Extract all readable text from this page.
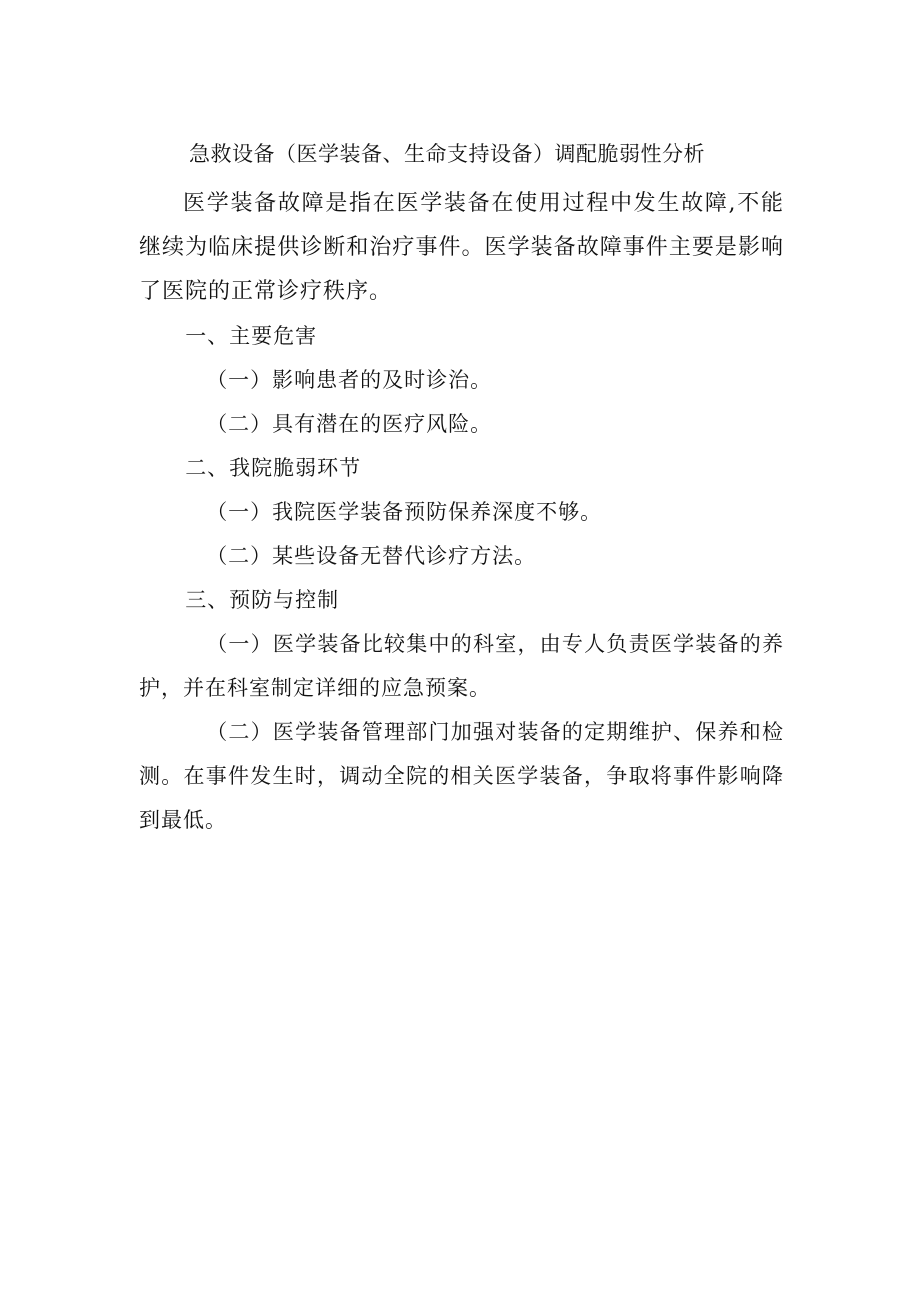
急救设备（医学装备、生命支持设备）调配脆弱性分析

医学装备故障是指在医学装备在使用过程中发生故障,不能继续为临床提供诊断和治疗事件。医学装备故障事件主要是影响了医院的正常诊疗秩序。

一、主要危害

（一）影响患者的及时诊治。

（二）具有潜在的医疗风险。

二、我院脆弱环节

（一）我院医学装备预防保养深度不够。

（二）某些设备无替代诊疗方法。

三、预防与控制

（一）医学装备比较集中的科室，由专人负责医学装备的养护，并在科室制定详细的应急预案。

（二）医学装备管理部门加强对装备的定期维护、保养和检测。在事件发生时，调动全院的相关医学装备，争取将事件影响降到最低。
